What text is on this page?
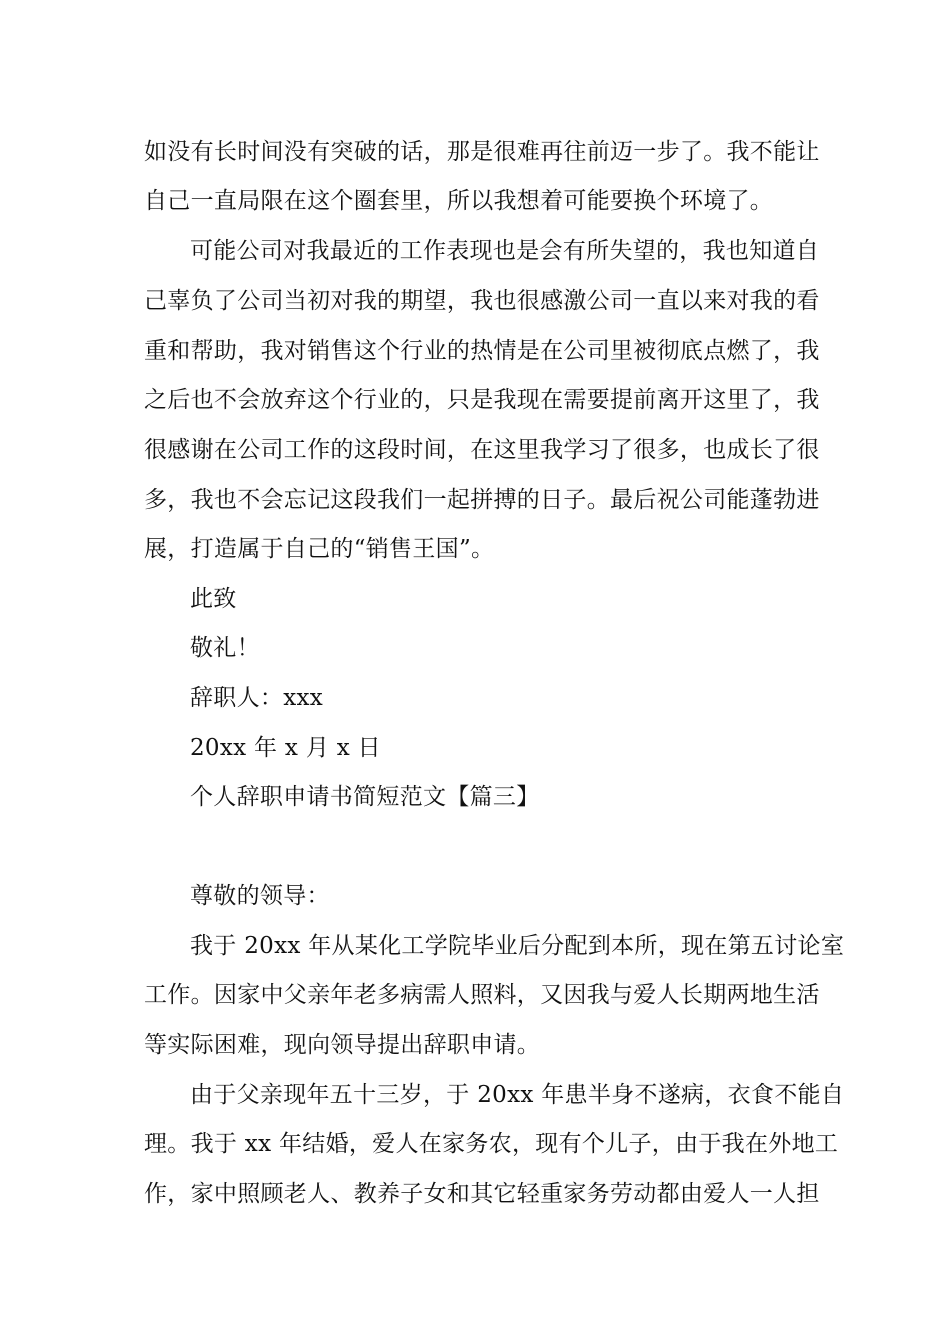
如没有长时间没有突破的话，那是很难再往前迈一步了。我不能让
自己一直局限在这个圈套里，所以我想着可能要换个环境了。
可能公司对我最近的工作表现也是会有所失望的，我也知道自
己辜负了公司当初对我的期望，我也很感激公司一直以来对我的看
重和帮助，我对销售这个行业的热情是在公司里被彻底点燃了，我
之后也不会放弃这个行业的，只是我现在需要提前离开这里了，我
很感谢在公司工作的这段时间，在这里我学习了很多，也成长了很
多，我也不会忘记这段我们一起拼搏的日子。最后祝公司能蓬勃进
展，打造属于自己的“销售王国”。
此致
敬礼！
辞职人：xxx
20xx 年 x 月 x 日
个人辞职申请书简短范文【篇三】
尊敬的领导：
我于 20xx 年从某化工学院毕业后分配到本所，现在第五讨论室
工作。因家中父亲年老多病需人照料，又因我与爱人长期两地生活
等实际困难，现向领导提出辞职申请。
由于父亲现年五十三岁，于 20xx 年患半身不遂病，衣食不能自
理。我于 xx 年结婚，爱人在家务农，现有个儿子，由于我在外地工
作，家中照顾老人、教养子女和其它轻重家务劳动都由爱人一人担
